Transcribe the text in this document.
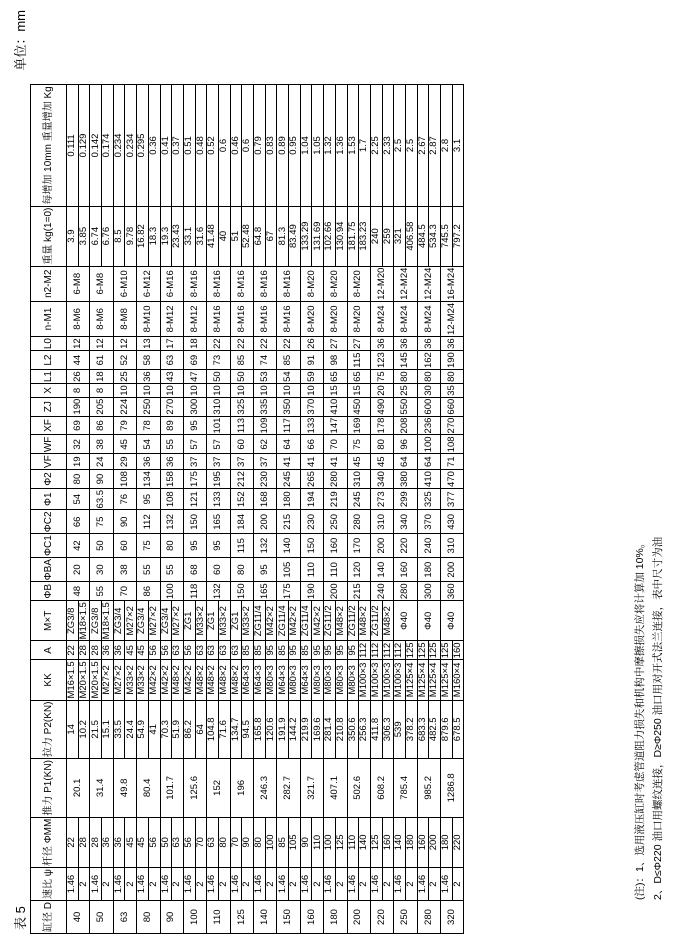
表 5
单位：mm
缸径 D	速比 ψ	杆径 ΦMM	推力 P1(KN)	拉力 P2(KN)	KK	A	M×T	ΦB	ΦBA	ΦC1	ΦC2	Φ1	Φ2	VF	WF	XF	ZJ	X	L1	L2	L0	n-M1	n2-M2	重量 kg(1=0)	每增加 10mm 重量增加 Kg
40	1.46	22	20.1	14	M16×1.5	22	ZG3/8	48	20	42	66	54	80	19	32	69	190	8	26	44	12	8-M6	6-M8	3.9	0.111
	2	28		10.2	M20×1.5	28	M18×1.5																	3.85	0.129
50	1.46	28	31.4	21.5	M20×1.5	28	ZG3/8	55	30	50	75	63.5	90	24	38	86	205	8	18	61	12	8-M6	6-M8	6.74	0.142
	2	36		15.1	M27×2	36	M18×1.5																	6.76	0.174
63	1.46	36	49.8	33.5	M27×2	36	ZG3/4	70	38	60	90	76	108	29	45	79	224	10	25	52	12	8-M8	6-M10	8.5	0.234
	2	45		24.4	M33×2	45	M27×2																	9.78	0.234
80	1.46	45	80.4	54.9	M33×2	45	ZG3/4	86	55	75	112	95	134	36	54	78	250	10	36	58	13	8-M10	6-M12	16.82	0.295
	2	56		41	M42×2	56	M27×2																	18.3	0.36
90	1.46	50	101.7	70.3	M42×2	56	ZG3/4	100	55	80	132	108	158	36	55	89	270	10	43	63	17	8-M12	6-M16	19.3	0.41
	2	63		51.9	M48×2	63	M27×2																	23.43	0.37
100	1.46	56	125.6	86.2	M42×2	56	ZG1	118	68	95	150	121	175	37	57	95	300	10	47	69	18	8-M12	8-M16	33.1	0.51
	2	70		64	M48×2	63	M33×2																	31.6	0.48
110	1.46	63	152	104.8	M48×2	63	ZG1	132	60	95	165	133	195	37	57	101	310	10	50	73	22	8-M16	8-M16	41.48	0.52
	2	80		71.6	M48×2	63	M33×2																	40	0.6
125	1.46	70	196	134.7	M48×2	63	ZG1	150	80	115	184	152	212	37	60	113	325	10	50	85	22	8-M16	8-M16	51	0.46
	2	90		94.5	M64×3	85	M33×2																	52.48	0.6
140	1.46	80	246.3	165.8	M64×3	85	ZG11/4	165	95	132	200	168	230	37	62	109	335	10	53	74	22	8-M16	8-M16	64.8	0.79
	2	100		120.6	M80×3	95	M42×2																	67	0.83
150	1.46	85	282.7	191.9	M64×3	85	ZG11/4	175	105	140	215	180	245	41	64	117	350	10	54	85	22	8-M16	8-M16	81.3	0.89
	2	105		144.2	M80×3	95	M42×2																	83.49	0.95
160	1.46	90	321.7	219.9	M64×3	85	ZG11/4	190	110	150	230	194	265	41	66	133	370	10	59	91	26	8-M20	8-M20	133.29	1.04
	2	110		169.6	M80×3	95	M42×2																	131.69	1.05
180	1.46	100	407.1	281.4	M80×3	95	ZG11/2	200	110	160	250	219	280	41	70	147	410	15	65	98	27	8-M20	8-M20	102.66	1.32
	2	125		210.8	M80×3	95	M48×2																	130.94	1.36
200	1.46	110	502.6	350.6	M80×3	95	ZG11/2	215	120	170	280	245	310	45	75	169	450	15	65	115	27	8-M20	8-M20	181.75	1.53
	2	140		256.3	M100×3	112	M48×2																	183.23	1.7
220	1.46	125	608.2	411.8	M100×3	112	ZG11/2	240	140	200	310	273	340	45	80	178	490	20	75	123	36	8-M24	12-M20	240	2.25
	2	160		306.3	M100×3	112	M48×2																	259	2.33
250	1.46	140	785.4	539	M100×3	112	Φ40	280	160	220	340	299	380	64	96	208	550	25	80	145	36	8-M24	12-M24	321	2.5
	2	180		378.2	M125×4	125																		406.58	2.5
280	1.46	160	985.2	683.3	M125×4	125	Φ40	300	180	240	370	325	410	64	100	236	600	30	80	162	36	8-M24	12-M24	484.5	2.67
	2	200		482.5	M125×4	125																		534.3	2.87
320	1.46	180	1286.8	879.6	M125×4	125	Φ40	360	200	310	430	377	470	71	108	270	660	35	80	190	36	12-M24	16-M24	745.5	2.8
	2	220		678.5	M160×4	160																		797.2	3.1
(注)：1、选用液压缸时考虑管道阻力损失和机构中摩擦损失应将计算加 10%。 2、D≤Φ220 油口用螺纹连接，D≥Φ250 油口用对开式法兰连接，表中尺寸为油
